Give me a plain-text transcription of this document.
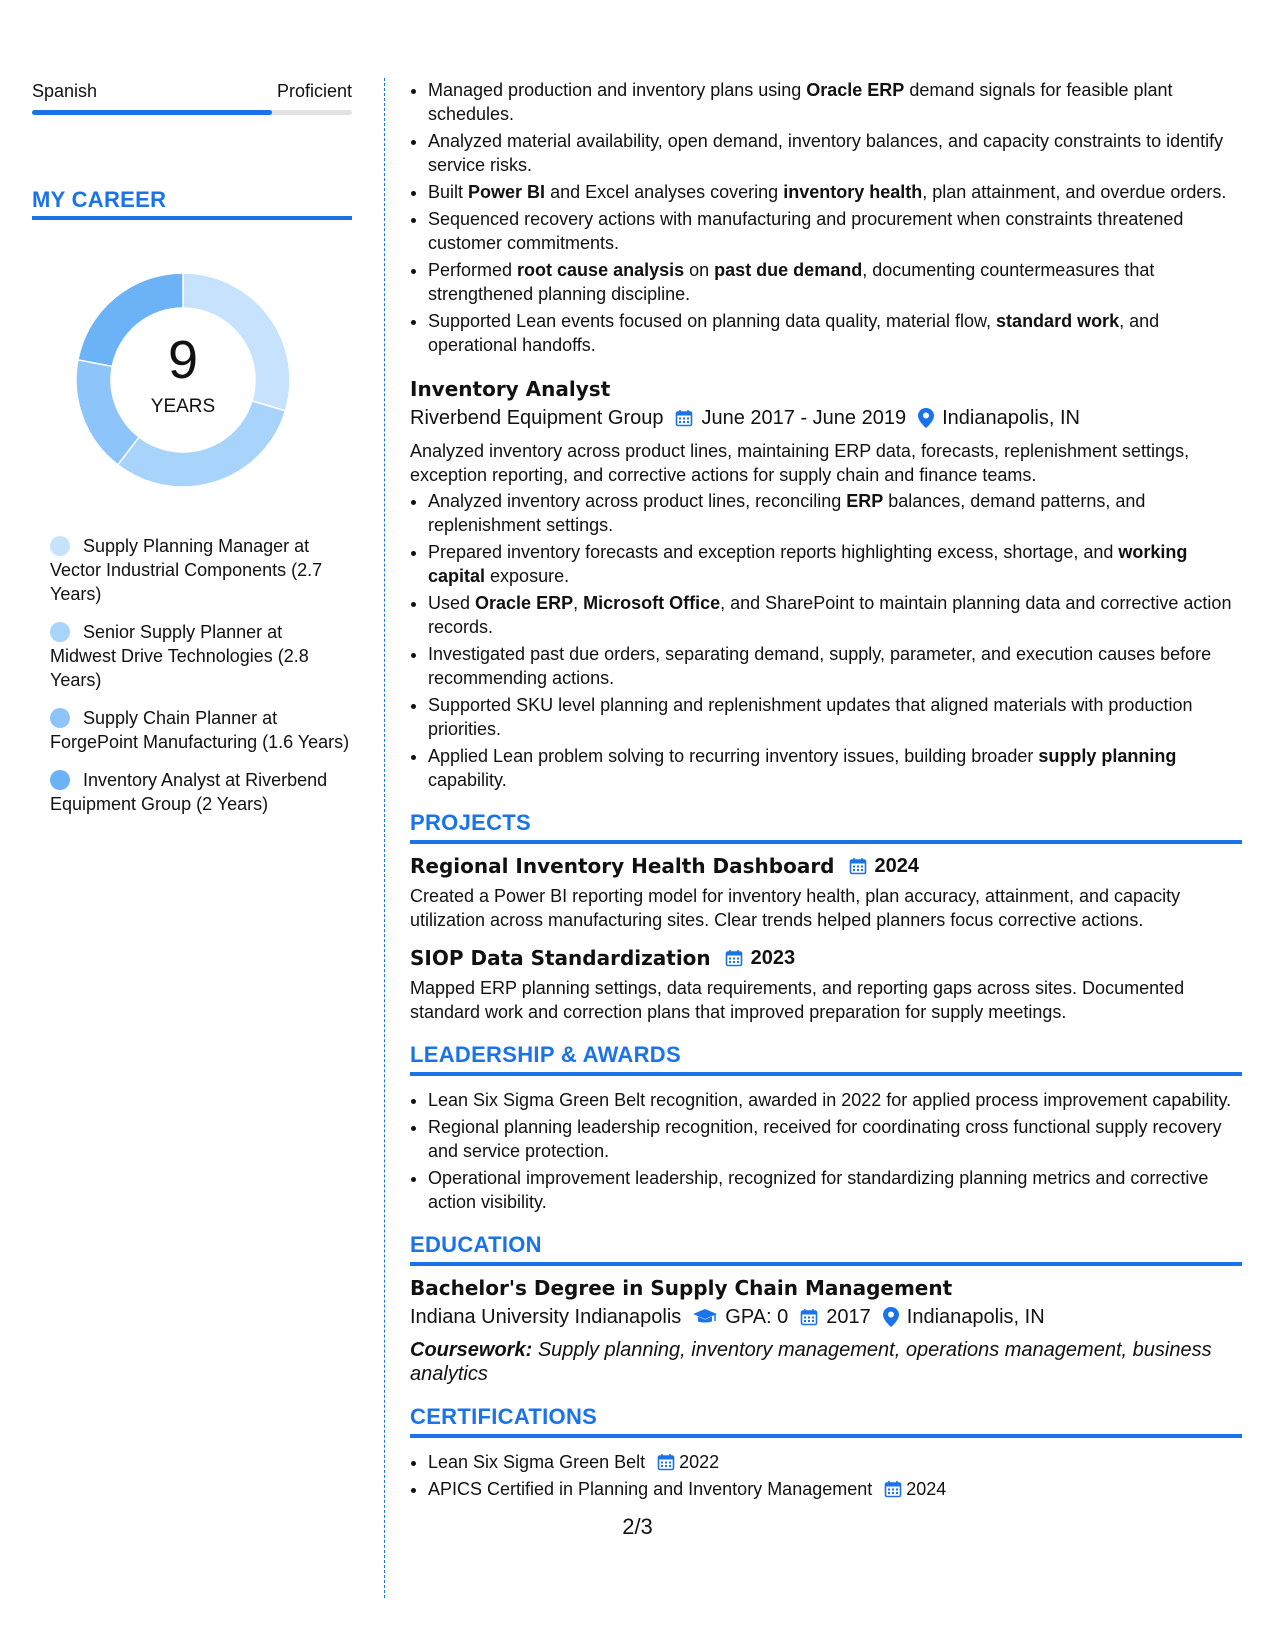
Spanish	Proficient
MY CAREER
9
YEARS
Supply Planning Manager at Vector Industrial Components (2.7 Years)
Senior Supply Planner at Midwest Drive Technologies (2.8 Years)
Supply Chain Planner at ForgePoint Manufacturing (1.6 Years)
Inventory Analyst at Riverbend Equipment Group (2 Years)
• Managed production and inventory plans using Oracle ERP demand signals for feasible plant schedules.
• Analyzed material availability, open demand, inventory balances, and capacity constraints to identify service risks.
• Built Power BI and Excel analyses covering inventory health, plan attainment, and overdue orders.
• Sequenced recovery actions with manufacturing and procurement when constraints threatened customer commitments.
• Performed root cause analysis on past due demand, documenting countermeasures that strengthened planning discipline.
• Supported Lean events focused on planning data quality, material flow, standard work, and operational handoffs.
Inventory Analyst
Riverbend Equipment Group June 2017 - June 2019 Indianapolis, IN
Analyzed inventory across product lines, maintaining ERP data, forecasts, replenishment settings, exception reporting, and corrective actions for supply chain and finance teams.
• Analyzed inventory across product lines, reconciling ERP balances, demand patterns, and replenishment settings.
• Prepared inventory forecasts and exception reports highlighting excess, shortage, and working capital exposure.
• Used Oracle ERP, Microsoft Office, and SharePoint to maintain planning data and corrective action records.
• Investigated past due orders, separating demand, supply, parameter, and execution causes before recommending actions.
• Supported SKU level planning and replenishment updates that aligned materials with production priorities.
• Applied Lean problem solving to recurring inventory issues, building broader supply planning capability.
PROJECTS
Regional Inventory Health Dashboard 2024
Created a Power BI reporting model for inventory health, plan accuracy, attainment, and capacity utilization across manufacturing sites. Clear trends helped planners focus corrective actions.
SIOP Data Standardization 2023
Mapped ERP planning settings, data requirements, and reporting gaps across sites. Documented standard work and correction plans that improved preparation for supply meetings.
LEADERSHIP & AWARDS
• Lean Six Sigma Green Belt recognition, awarded in 2022 for applied process improvement capability.
• Regional planning leadership recognition, received for coordinating cross functional supply recovery and service protection.
• Operational improvement leadership, recognized for standardizing planning metrics and corrective action visibility.
EDUCATION
Bachelor's Degree in Supply Chain Management
Indiana University Indianapolis GPA: 0 2017 Indianapolis, IN
Coursework: Supply planning, inventory management, operations management, business analytics
CERTIFICATIONS
• Lean Six Sigma Green Belt 2022
• APICS Certified in Planning and Inventory Management 2024
2/3
